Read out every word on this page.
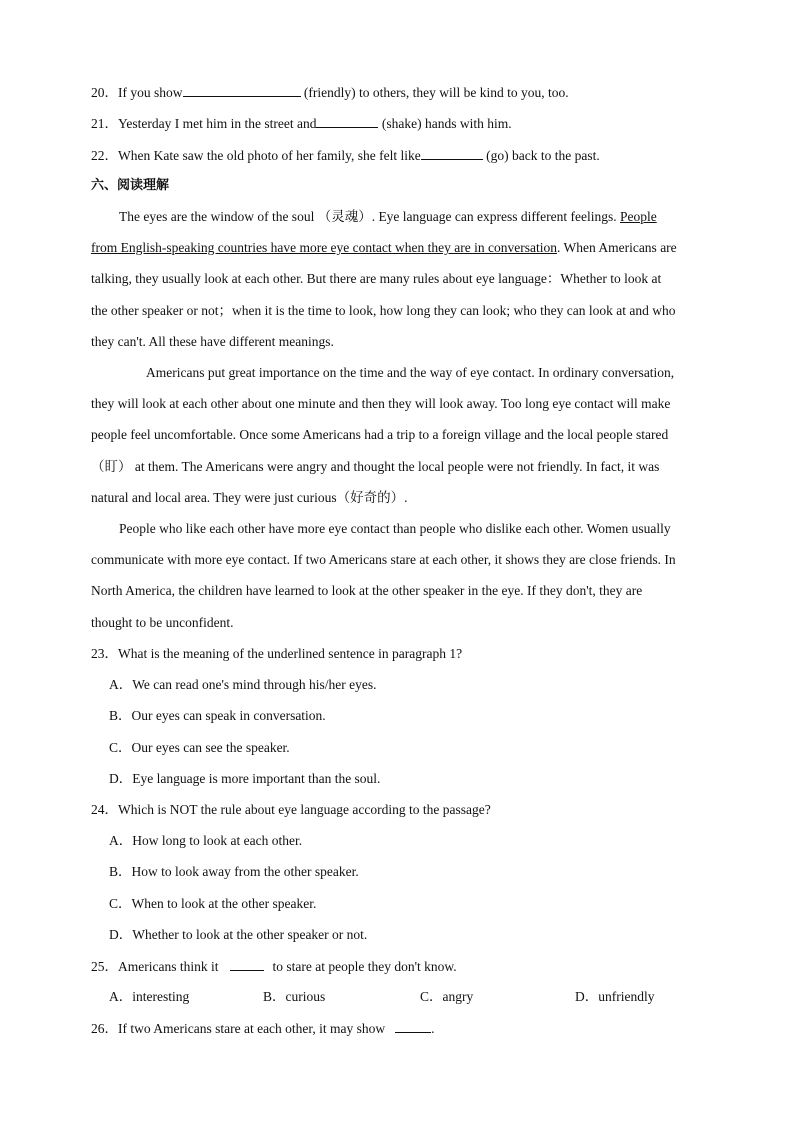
20．If you show	(friendly) to others, they will be kind to you, too.
21．Yesterday I met him in the street and	(shake) hands with him.
22．When Kate saw the old photo of her family, she felt like	(go) back to the past.
六、阅读理解
The eyes are the window of the soul （灵魂）. Eye language can express different feelings. People
from English-speaking countries have more eye contact when they are in conversation. When Americans are
talking, they usually look at each other. But there are many rules about eye language：Whether to look at
the other speaker or not；when it is the time to look, how long they can look; who they can look at and who
they can't. All these have different meanings.
Americans put great importance on the time and the way of eye contact. In ordinary conversation,
they will look at each other about one minute and then they will look away. Too long eye contact will make
people feel uncomfortable. Once some Americans had a trip to a foreign village and the local people stared
（盯） at them. The Americans were angry and thought the local people were not friendly. In fact, it was
natural and local area. They were just curious（好奇的）.
People who like each other have more eye contact than people who dislike each other. Women usually
communicate with more eye contact. If two Americans stare at each other, it shows they are close friends. In
North America, the children have learned to look at the other speaker in the eye. If they don't, they are
thought to be unconfident.
23．What is the meaning of the underlined sentence in paragraph 1?
A．We can read one's mind through his/her eyes.
B．Our eyes can speak in conversation.
C．Our eyes can see the speaker.
D．Eye language is more important than the soul.
24．Which is NOT the rule about eye language according to the passage?
A．How long to look at each other.
B．How to look away from the other speaker.
C．When to look at the other speaker.
D．Whether to look at the other speaker or not.
25．Americans think it	to stare at people they don't know.
A．interesting	B．curious	C．angry	D．unfriendly
26．If two Americans stare at each other, it may show	.
